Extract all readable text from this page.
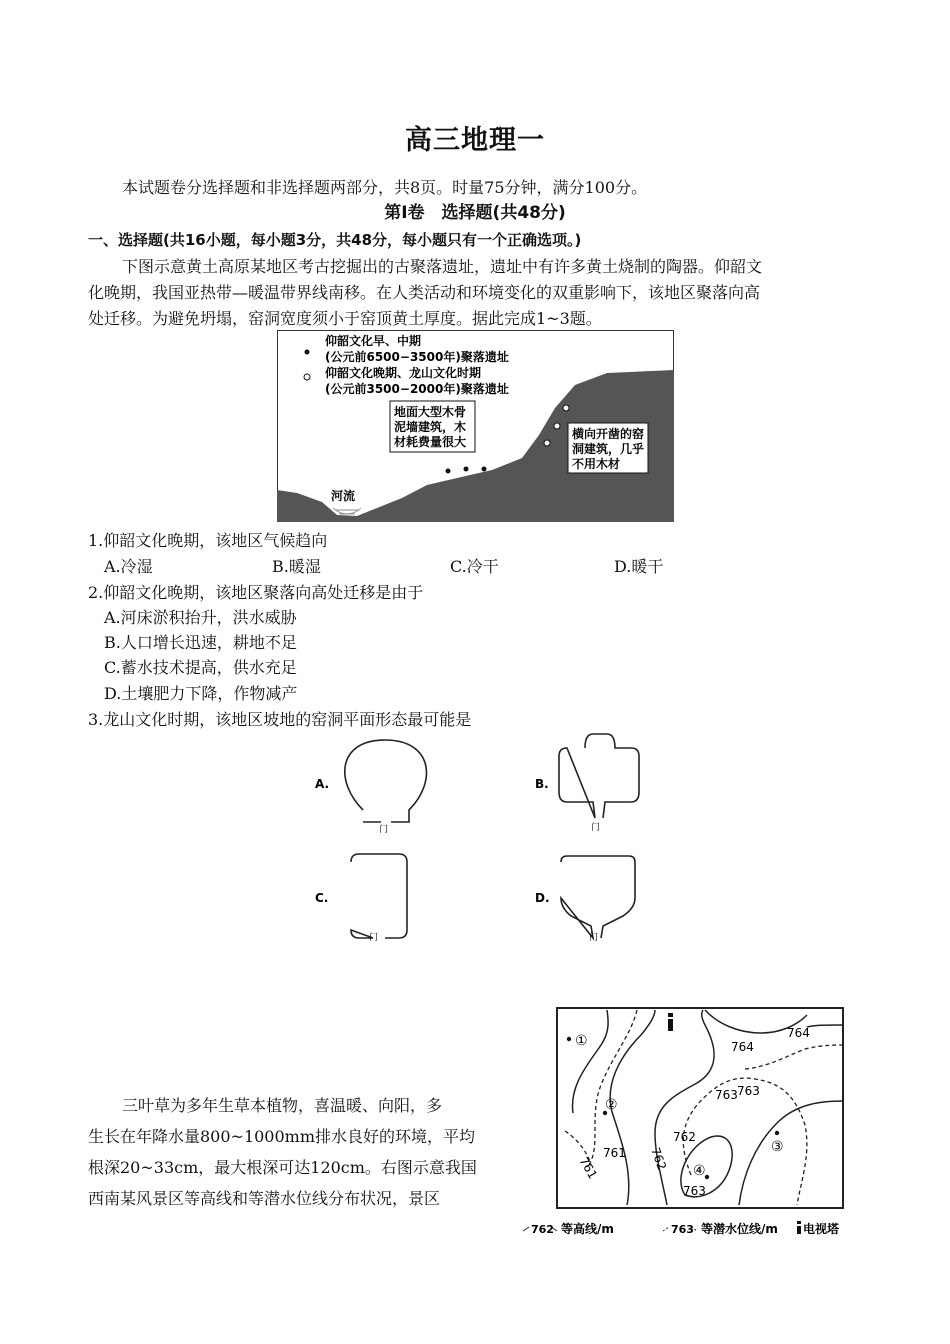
高三地理一
本试题卷分选择题和非选择题两部分，共8页。时量75分钟，满分100分。
第Ⅰ卷　选择题(共48分)
一、选择题(共16小题，每小题3分，共48分，每小题只有一个正确选项。)
下图示意黄土高原某地区考古挖掘出的古聚落遗址，遗址中有许多黄土烧制的陶器。仰韶文
化晚期，我国亚热带—暖温带界线南移。在人类活动和环境变化的双重影响下，该地区聚落向高
处迁移。为避免坍塌，窑洞宽度须小于窑顶黄土厚度。据此完成1~3题。
仰韶文化早、中期
(公元前6500−3500年)聚落遗址
仰韶文化晚期、龙山文化时期
(公元前3500−2000年)聚落遗址
地面大型木骨
泥墙建筑，木
材耗费量很大
横向开凿的窑
洞建筑，几乎
不用木材
河流
1.仰韶文化晚期，该地区气候趋向
A.冷湿	B.暖湿	C.冷干	D.暖干
2.仰韶文化晚期，该地区聚落向高处迁移是由于
A.河床淤积抬升，洪水威胁
B.人口增长迅速，耕地不足
C.蓄水技术提高，供水充足
D.土壤肥力下降，作物减产
3.龙山文化时期，该地区坡地的窑洞平面形态最可能是
A.
门
B.
门
C.
门
D.
门
三叶草为多年生草本植物，喜温暖、向阳，多
生长在年降水量800~1000mm排水良好的环境，平均
根深20~33cm，最大根深可达120cm。右图示意我国
西南某风景区等高线和等潜水位线分布状况，景区
①
②
③
④
764
764
763
763
762
762
761
761
763
762 等高线/m	763 等潜水位线/m 电视塔
